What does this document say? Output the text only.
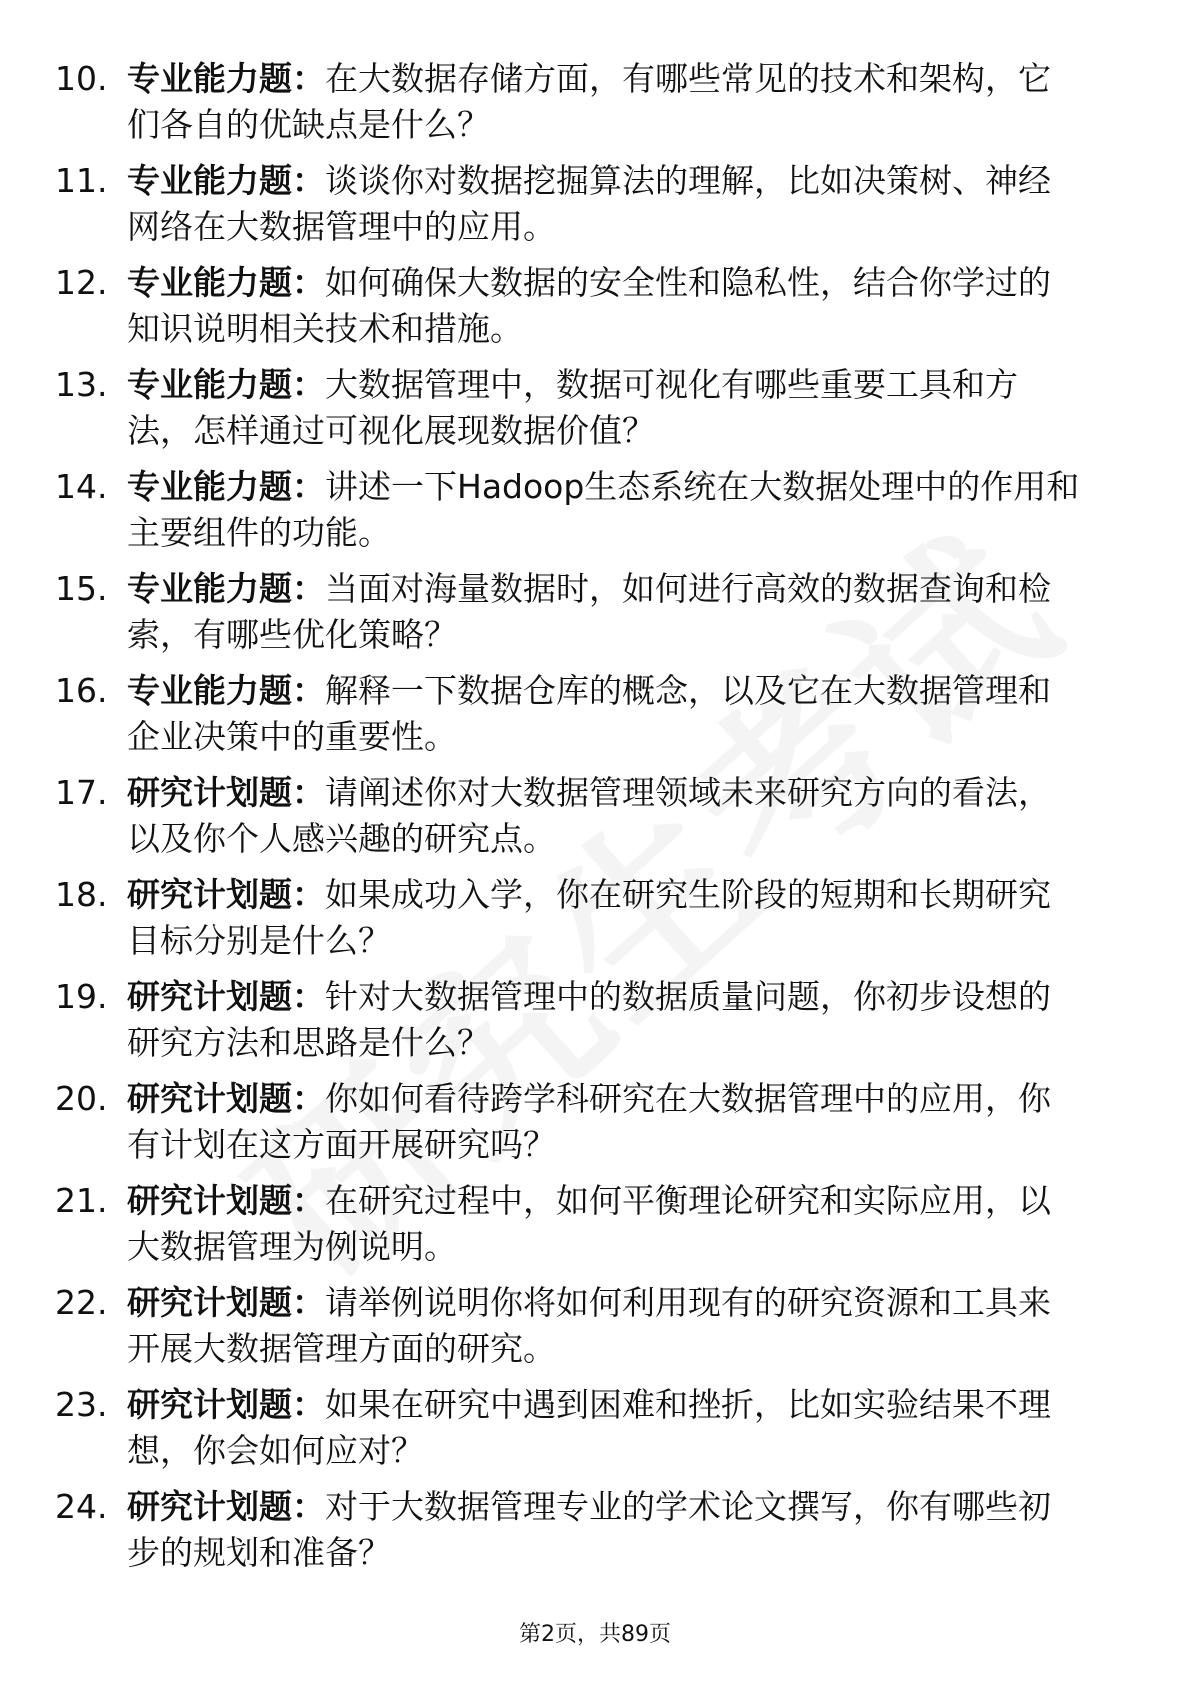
10. 专业能力题：在大数据存储方面，有哪些常见的技术和架构，它
们各自的优缺点是什么？
11. 专业能力题：谈谈你对数据挖掘算法的理解，比如决策树、神经
网络在大数据管理中的应用。
12. 专业能力题：如何确保大数据的安全性和隐私性，结合你学过的
知识说明相关技术和措施。
13. 专业能力题：大数据管理中，数据可视化有哪些重要工具和方
法，怎样通过可视化展现数据价值？
14. 专业能力题：讲述一下Hadoop生态系统在大数据处理中的作用和
主要组件的功能。
15. 专业能力题：当面对海量数据时，如何进行高效的数据查询和检
索，有哪些优化策略？
16. 专业能力题：解释一下数据仓库的概念，以及它在大数据管理和
企业决策中的重要性。
17. 研究计划题：请阐述你对大数据管理领域未来研究方向的看法，
以及你个人感兴趣的研究点。
18. 研究计划题：如果成功入学，你在研究生阶段的短期和长期研究
目标分别是什么？
19. 研究计划题：针对大数据管理中的数据质量问题，你初步设想的
研究方法和思路是什么？
20. 研究计划题：你如何看待跨学科研究在大数据管理中的应用，你
有计划在这方面开展研究吗？
21. 研究计划题：在研究过程中，如何平衡理论研究和实际应用，以
大数据管理为例说明。
22. 研究计划题：请举例说明你将如何利用现有的研究资源和工具来
开展大数据管理方面的研究。
23. 研究计划题：如果在研究中遇到困难和挫折，比如实验结果不理
想，你会如何应对？
24. 研究计划题：对于大数据管理专业的学术论文撰写，你有哪些初
步的规划和准备？
第2页，共89页
